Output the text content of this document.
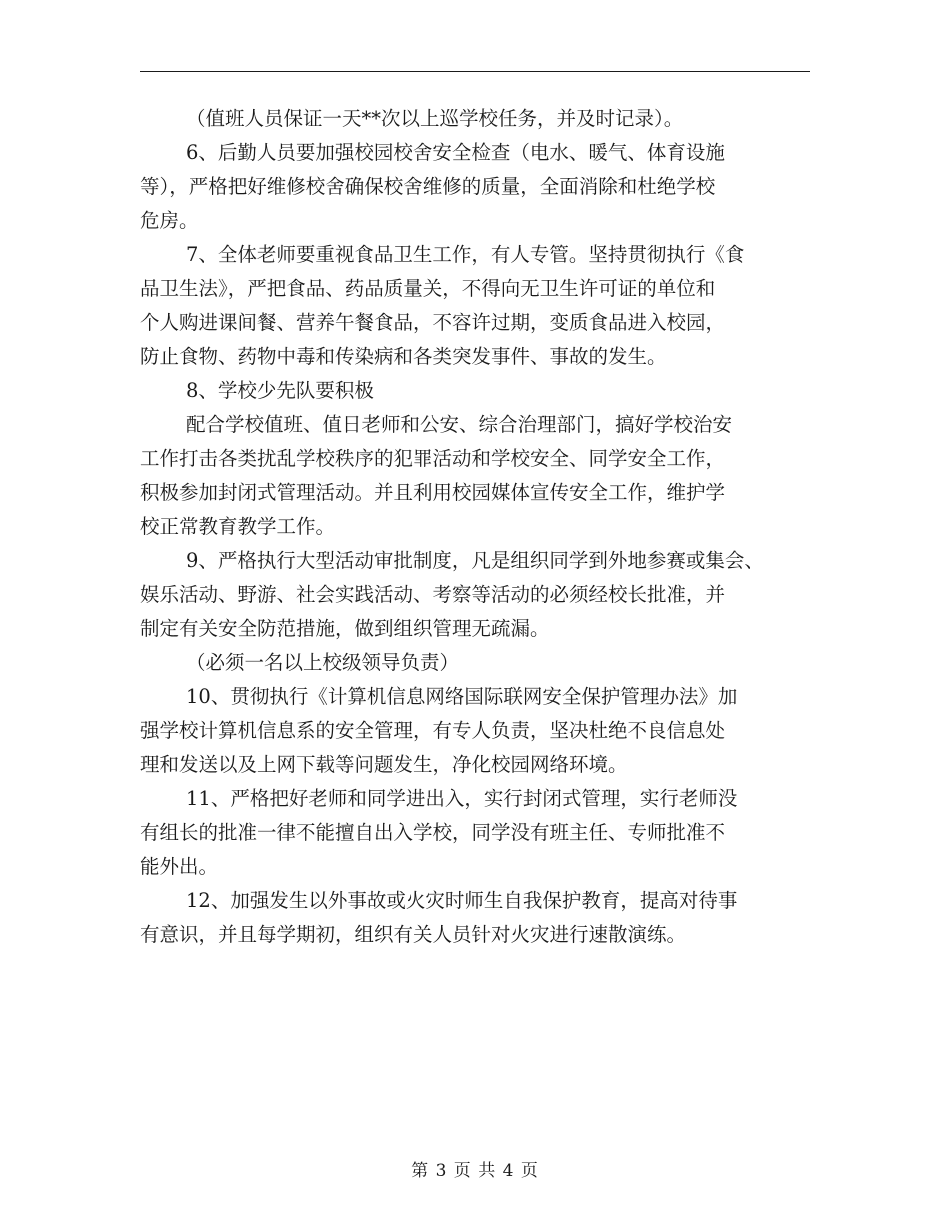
（值班人员保证一天**次以上巡学校任务，并及时记录）。
6、后勤人员要加强校园校舍安全检查（电水、暖气、体育设施
等），严格把好维修校舍确保校舍维修的质量，全面消除和杜绝学校
危房。
7、全体老师要重视食品卫生工作，有人专管。坚持贯彻执行《食
品卫生法》，严把食品、药品质量关，不得向无卫生许可证的单位和
个人购进课间餐、营养午餐食品，不容许过期，变质食品进入校园，
防止食物、药物中毒和传染病和各类突发事件、事故的发生。
8、学校少先队要积极
配合学校值班、值日老师和公安、综合治理部门，搞好学校治安
工作打击各类扰乱学校秩序的犯罪活动和学校安全、同学安全工作，
积极参加封闭式管理活动。并且利用校园媒体宣传安全工作，维护学
校正常教育教学工作。
9、严格执行大型活动审批制度，凡是组织同学到外地参赛或集会、
娱乐活动、野游、社会实践活动、考察等活动的必须经校长批准，并
制定有关安全防范措施，做到组织管理无疏漏。
（必须一名以上校级领导负责）
10、贯彻执行《计算机信息网络国际联网安全保护管理办法》加
强学校计算机信息系的安全管理，有专人负责，坚决杜绝不良信息处
理和发送以及上网下载等问题发生，净化校园网络环境。
11、严格把好老师和同学进出入，实行封闭式管理，实行老师没
有组长的批准一律不能擅自出入学校，同学没有班主任、专师批准不
能外出。
12、加强发生以外事故或火灾时师生自我保护教育，提高对待事
有意识，并且每学期初，组织有关人员针对火灾进行速散演练。
第 3 页 共 4 页
